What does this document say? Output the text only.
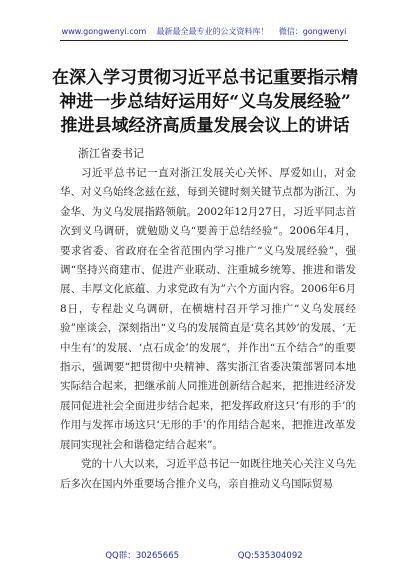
www.gongwenyi.com 最新最全最专业的公文资料库！ 微信：gongwenyi
在深入学习贯彻习近平总书记重要指示精
神进一步总结好运用好“义乌发展经验”
推进县域经济高质量发展会议上的讲话
浙江省委书记

习近平总书记一直对浙江发展关心关怀、厚爱如山，对金华、对义乌始终念兹在兹，每到关键时刻关键节点都为浙江、为金华、为义乌发展指路领航。2002年12月27日，习近平同志首次到义乌调研，就勉励义乌“要善于总结经验”。2006年4月，要求省委、省政府在全省范围内学习推广“义乌发展经验”，强调“坚持兴商建市、促进产业联动、注重城乡统筹、推进和谐发展、丰厚文化底蕴、力求党政有为”六个方面内容。2006年6月8日，专程赴义乌调研，在横塘村召开学习推广“义乌发展经验”座谈会，深刻指出“义乌的发展简直是‘莫名其妙’的发展、‘无中生有’的发展、‘点石成金’的发展”，并作出“五个结合”的重要指示，强调要“把贯彻中央精神、落实浙江省委决策部署同本地实际结合起来，把继承前人同推进创新结合起来，把推进经济发展同促进社会全面进步结合起来，把发挥政府这只‘有形的手’的作用与发挥市场这只‘无形的手’的作用结合起来，把推进改革发展同实现社会和谐稳定结合起来”。

党的十八大以来，习近平总书记一如既往地关心关注义乌先后多次在国内外重要场合推介义乌，亲自推动义乌国际贸易

QQ群：30265665	QQ:535304092
